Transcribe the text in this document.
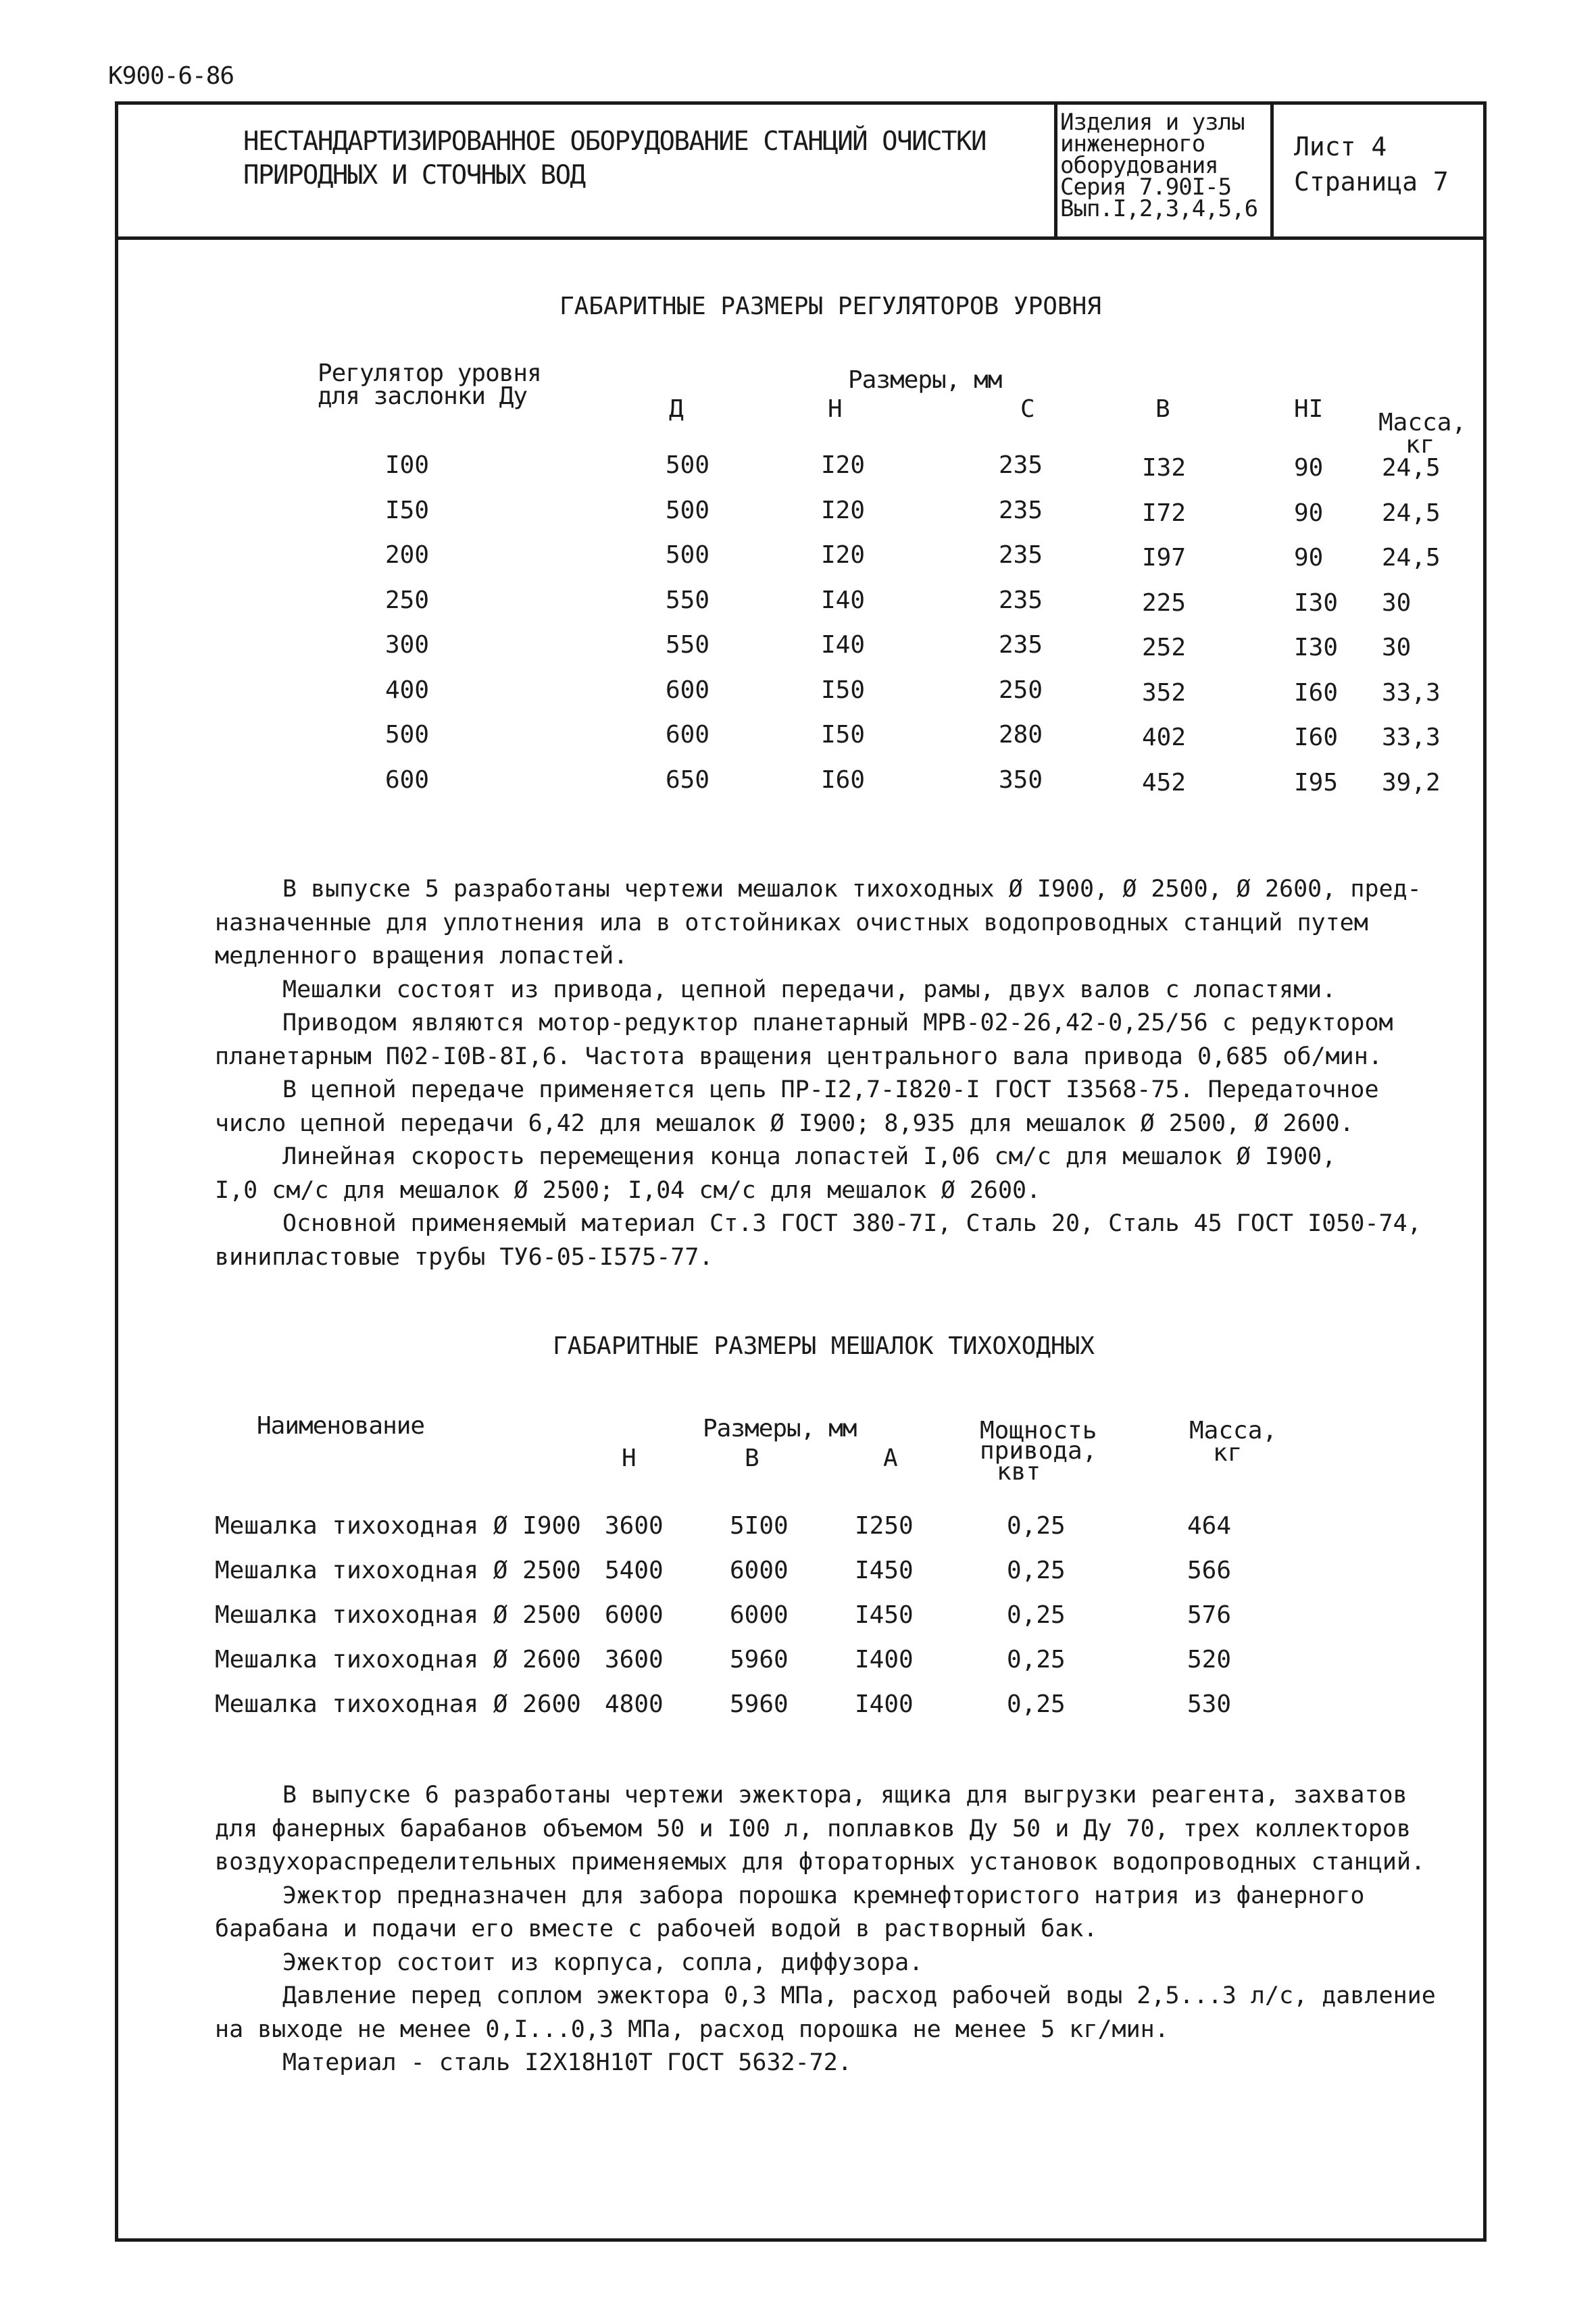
К900-6-86
НЕСТАНДАРТИЗИРОВАННОЕ ОБОРУДОВАНИЕ СТАНЦИЙ ОЧИСТКИ
ПРИРОДНЫХ И СТОЧНЫХ ВОД
Изделия и узлы
инженерного
оборудования
Серия 7.90I-5
Вып.I,2,3,4,5,6
Лист 4
Страница 7
ГАБАРИТНЫЕ РАЗМЕРЫ РЕГУЛЯТОРОВ УРОВНЯ
Регулятор уровня
для заслонки Ду
Размеры, мм
Д	Н	С	В	НI Масса,
кг
I00	500	I20	235	I32	90 24,5
I50	500	I20	235	I72	90 24,5
200	500	I20	235	I97	90 24,5
250	550	I40	235	225	I30 30
300	550	I40	235	252	I30 30
400	600	I50	250	352	I60 33,3
500	600	I50	280	402	I60 33,3
600	650	I60	350	452	I95 39,2

В выпуске 5 разработаны чертежи мешалок тихоходных Ø I900, Ø 2500, Ø 2600, пред-

назначенные для уплотнения ила в отстойниках очистных водопроводных станций путем

медленного вращения лопастей.

Мешалки состоят из привода, цепной передачи, рамы, двух валов с лопастями.

Приводом являются мотор-редуктор планетарный МРВ-02-26,42-0,25/56 с редуктором

планетарным П02-I0В-8I,6. Частота вращения центрального вала привода 0,685 об/мин.

В цепной передаче применяется цепь ПР-I2,7-I820-I ГОСТ I3568-75. Передаточное

число цепной передачи 6,42 для мешалок Ø I900; 8,935 для мешалок Ø 2500, Ø 2600.

Линейная скорость перемещения конца лопастей I,06 см/с для мешалок Ø I900,

I,0 см/с для мешалок Ø 2500; I,04 см/с для мешалок Ø 2600.

Основной применяемый материал Ст.3 ГОСТ 380-7I, Сталь 20, Сталь 45 ГОСТ I050-74,

винипластовые трубы ТУ6-05-I575-77.

ГАБАРИТНЫЕ РАЗМЕРЫ МЕШАЛОК ТИХОХОДНЫХ
Наименование	Размеры, мм
Н	В	А
Мощность
привода,
квт
Масса,
кг
Мешалка тихоходная Ø I900 3600	5I00	I250	0,25	464
Мешалка тихоходная Ø 2500 5400	6000	I450	0,25	566
Мешалка тихоходная Ø 2500 6000	6000	I450	0,25	576
Мешалка тихоходная Ø 2600 3600	5960	I400	0,25	520
Мешалка тихоходная Ø 2600 4800	5960	I400	0,25	530

В выпуске 6 разработаны чертежи эжектора, ящика для выгрузки реагента, захватов

для фанерных барабанов объемом 50 и I00 л, поплавков Ду 50 и Ду 70, трех коллекторов

воздухораспределительных применяемых для фтораторных установок водопроводных станций.

Эжектор предназначен для забора порошка кремнефтористого натрия из фанерного

барабана и подачи его вместе с рабочей водой в растворный бак.

Эжектор состоит из корпуса, сопла, диффузора.

Давление перед соплом эжектора 0,3 МПа, расход рабочей воды 2,5...3 л/с, давление

на выходе не менее 0,I...0,3 МПа, расход порошка не менее 5 кг/мин.

Материал - сталь I2Х18Н10Т ГОСТ 5632-72.
